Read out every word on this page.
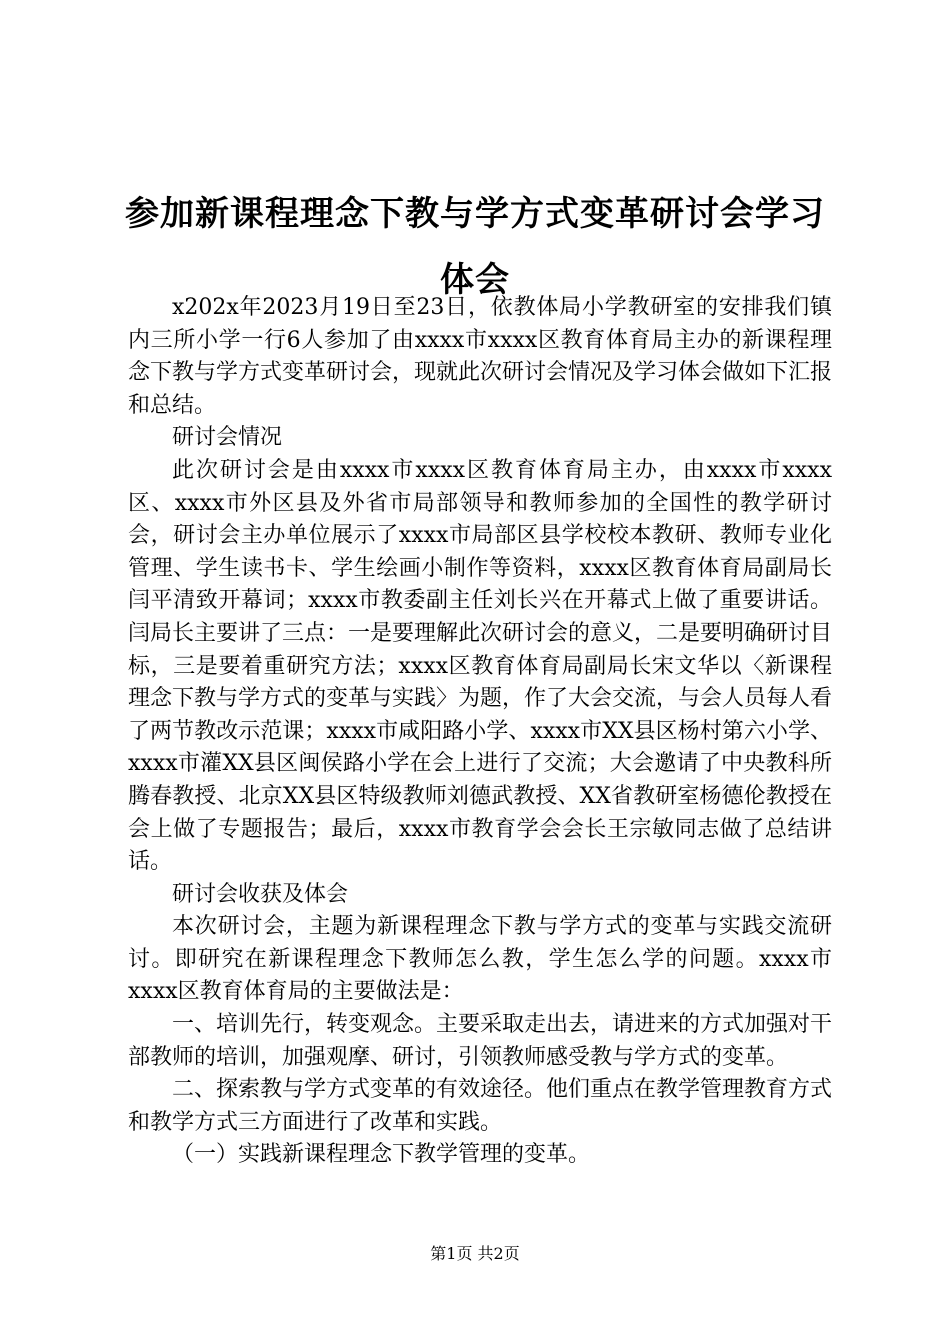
参加新课程理念下教与学方式变革研讨会学习体会

x202x年2023月19日至23日，依教体局小学教研室的安排我们镇内三所小学一行6人参加了由xxxx市xxxx区教育体育局主办的新课程理念下教与学方式变革研讨会，现就此次研讨会情况及学习体会做如下汇报和总结。

研讨会情况

此次研讨会是由xxxx市xxxx区教育体育局主办，由xxxx市xxxx区、xxxx市外区县及外省市局部领导和教师参加的全国性的教学研讨会，研讨会主办单位展示了xxxx市局部区县学校校本教研、教师专业化管理、学生读书卡、学生绘画小制作等资料，xxxx区教育体育局副局长闫平清致开幕词；xxxx市教委副主任刘长兴在开幕式上做了重要讲话。闫局长主要讲了三点：一是要理解此次研讨会的意义，二是要明确研讨目标，三是要着重研究方法；xxxx区教育体育局副局长宋文华以〈新课程理念下教与学方式的变革与实践〉为题，作了大会交流，与会人员每人看了两节教改示范课；xxxx市咸阳路小学、xxxx市XX县区杨村第六小学、xxxx市灌XX县区闽侯路小学在会上进行了交流；大会邀请了中央教科所腾春教授、北京XX县区特级教师刘德武教授、XX省教研室杨德伦教授在会上做了专题报告；最后，xxxx市教育学会会长王宗敏同志做了总结讲话。

研讨会收获及体会

本次研讨会，主题为新课程理念下教与学方式的变革与实践交流研讨。即研究在新课程理念下教师怎么教，学生怎么学的问题。xxxx市xxxx区教育体育局的主要做法是：

一、培训先行，转变观念。主要采取走出去，请进来的方式加强对干部教师的培训，加强观摩、研讨，引领教师感受教与学方式的变革。

二、探索教与学方式变革的有效途径。他们重点在教学管理教育方式和教学方式三方面进行了改革和实践。

（一）实践新课程理念下教学管理的变革。

第1页 共2页
